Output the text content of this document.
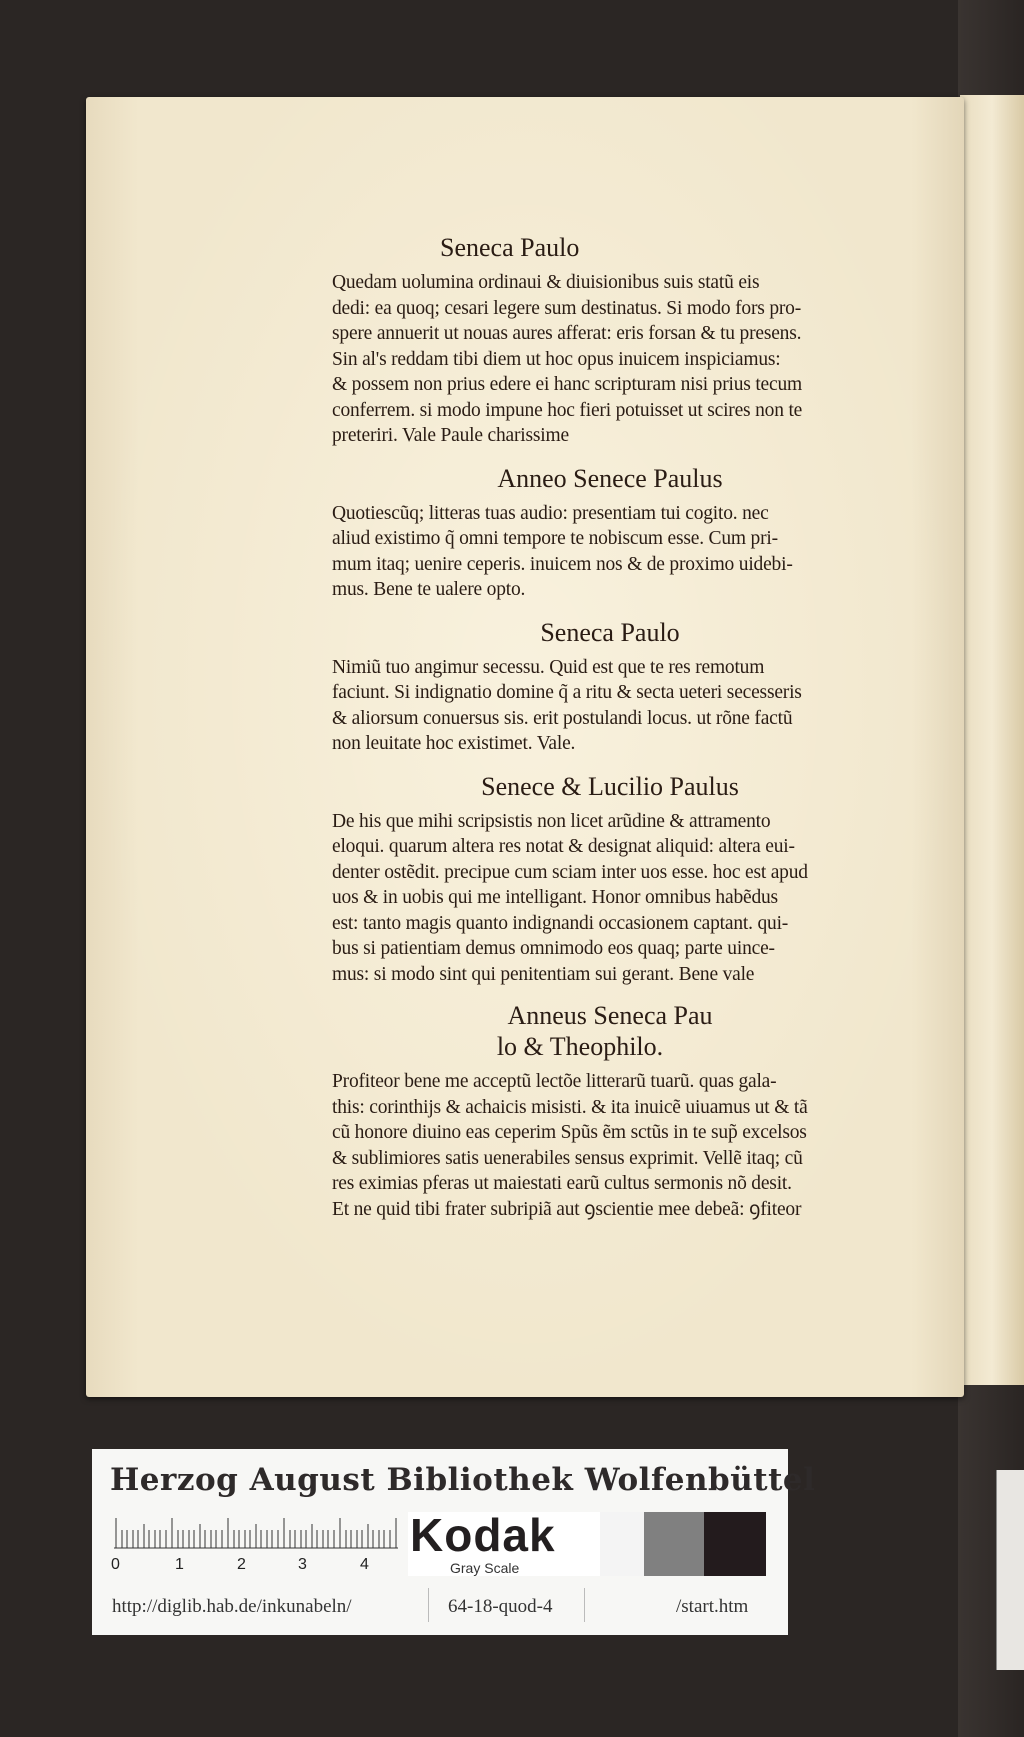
Seneca Paulo
Quedam uolumina ordinaui & diuisionibus suis statũ eis
dedi: ea quoq; cesari legere sum destinatus. Si modo fors pro-
spere annuerit ut nouas aures afferat: eris forsan & tu presens.
Sin al's reddam tibi diem ut hoc opus inuicem inspiciamus:
& possem non prius edere ei hanc scripturam nisi prius tecum
conferrem. si modo impune hoc fieri potuisset ut scires non te
preteriri. Vale Paule charissime
Anneo Senece Paulus
Quotiescũq; litteras tuas audio: presentiam tui cogito. nec
aliud existimo q̃ omni tempore te nobiscum esse. Cum pri-
mum itaq; uenire ceperis. inuicem nos & de proximo uidebi-
mus. Bene te ualere opto.
Seneca Paulo
Nimiũ tuo angimur secessu. Quid est que te res remotum
faciunt. Si indignatio domine q̃ a ritu & secta ueteri secesseris
& aliorsum conuersus sis. erit postulandi locus. ut rõne factũ
non leuitate hoc existimet. Vale.
Senece & Lucilio Paulus
De his que mihi scripsistis non licet arũdine & attramento
eloqui. quarum altera res notat & designat aliquid: altera eui-
denter ostẽdit. precipue cum sciam inter uos esse. hoc est apud
uos & in uobis qui me intelligant. Honor omnibus habẽdus
est: tanto magis quanto indignandi occasionem captant. qui-
bus si patientiam demus omnimodo eos quaq; parte uince-
mus: si modo sint qui penitentiam sui gerant. Bene vale
Anneus Seneca Pau
lo & Theophilo.
Profiteor bene me acceptũ lectõe litterarũ tuarũ. quas gala-
this: corinthijs & achaicis misisti. & ita inuicẽ uiuamus ut & tã
cũ honore diuino eas ceperim Spũs ẽm sctũs in te sup̃ excelsos
& sublimiores satis uenerabiles sensus exprimit. Vellẽ itaq; cũ
res eximias pferas ut maiestati earũ cultus sermonis nõ desit.
Et ne quid tibi frater subripiã aut ꝯscientie mee debeã: ꝯfiteor
Herzog August Bibliothek Wolfenbüttel
0	1	2	3	4
Kodak
Gray Scale
http://diglib.hab.de/inkunabeln/	64-18-quod-4	/start.htm
